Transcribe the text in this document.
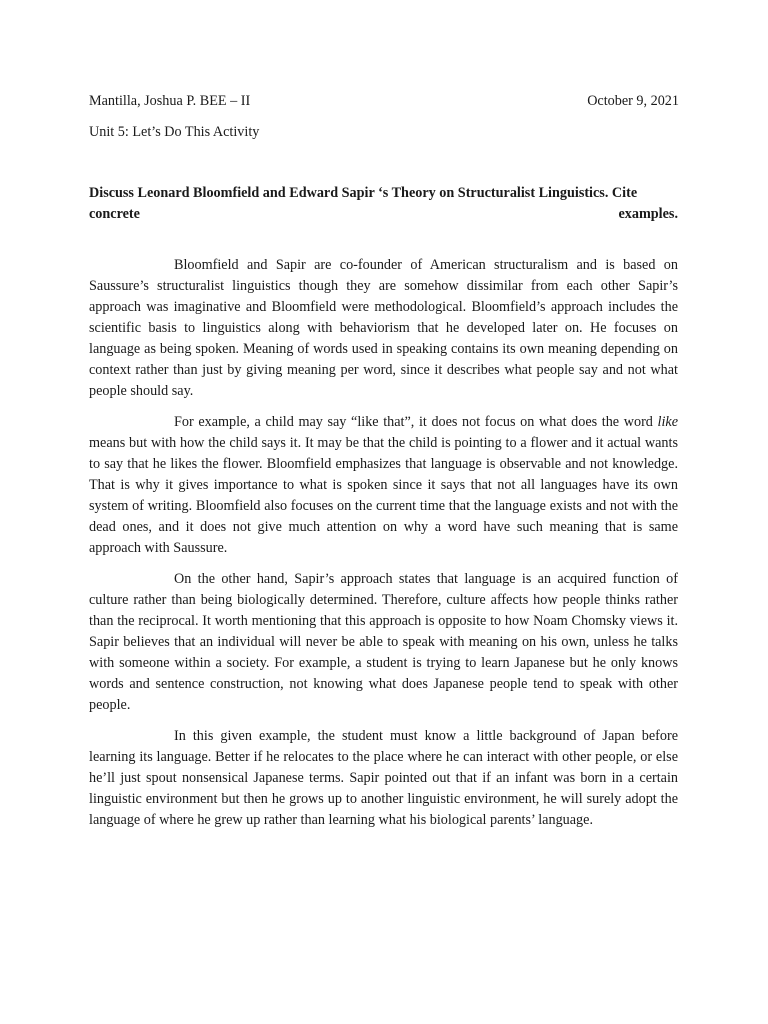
Mantilla, Joshua P. BEE – II	October 9, 2021
Unit 5: Let’s Do This Activity
Discuss Leonard Bloomfield and Edward Sapir ‘s Theory on Structuralist Linguistics. Cite
concrete	examples.

Bloomfield and Sapir are co-founder of American structuralism and is based on Saussure’s structuralist linguistics though they are somehow dissimilar from each other Sapir’s approach was imaginative and Bloomfield were methodological. Bloomfield’s approach includes the scientific basis to linguistics along with behaviorism that he developed later on. He focuses on language as being spoken. Meaning of words used in speaking contains its own meaning depending on context rather than just by giving meaning per word, since it describes what people say and not what people should say.

For example, a child may say “like that”, it does not focus on what does the word like means but with how the child says it. It may be that the child is pointing to a flower and it actual wants to say that he likes the flower. Bloomfield emphasizes that language is observable and not knowledge. That is why it gives importance to what is spoken since it says that not all languages have its own system of writing. Bloomfield also focuses on the current time that the language exists and not with the dead ones, and it does not give much attention on why a word have such meaning that is same approach with Saussure.

On the other hand, Sapir’s approach states that language is an acquired function of culture rather than being biologically determined. Therefore, culture affects how people thinks rather than the reciprocal. It worth mentioning that this approach is opposite to how Noam Chomsky views it. Sapir believes that an individual will never be able to speak with meaning on his own, unless he talks with someone within a society. For example, a student is trying to learn Japanese but he only knows words and sentence construction, not knowing what does Japanese people tend to speak with other people.

In this given example, the student must know a little background of Japan before learning its language. Better if he relocates to the place where he can interact with other people, or else he’ll just spout nonsensical Japanese terms. Sapir pointed out that if an infant was born in a certain linguistic environment but then he grows up to another linguistic environment, he will surely adopt the language of where he grew up rather than learning what his biological parents’ language.
